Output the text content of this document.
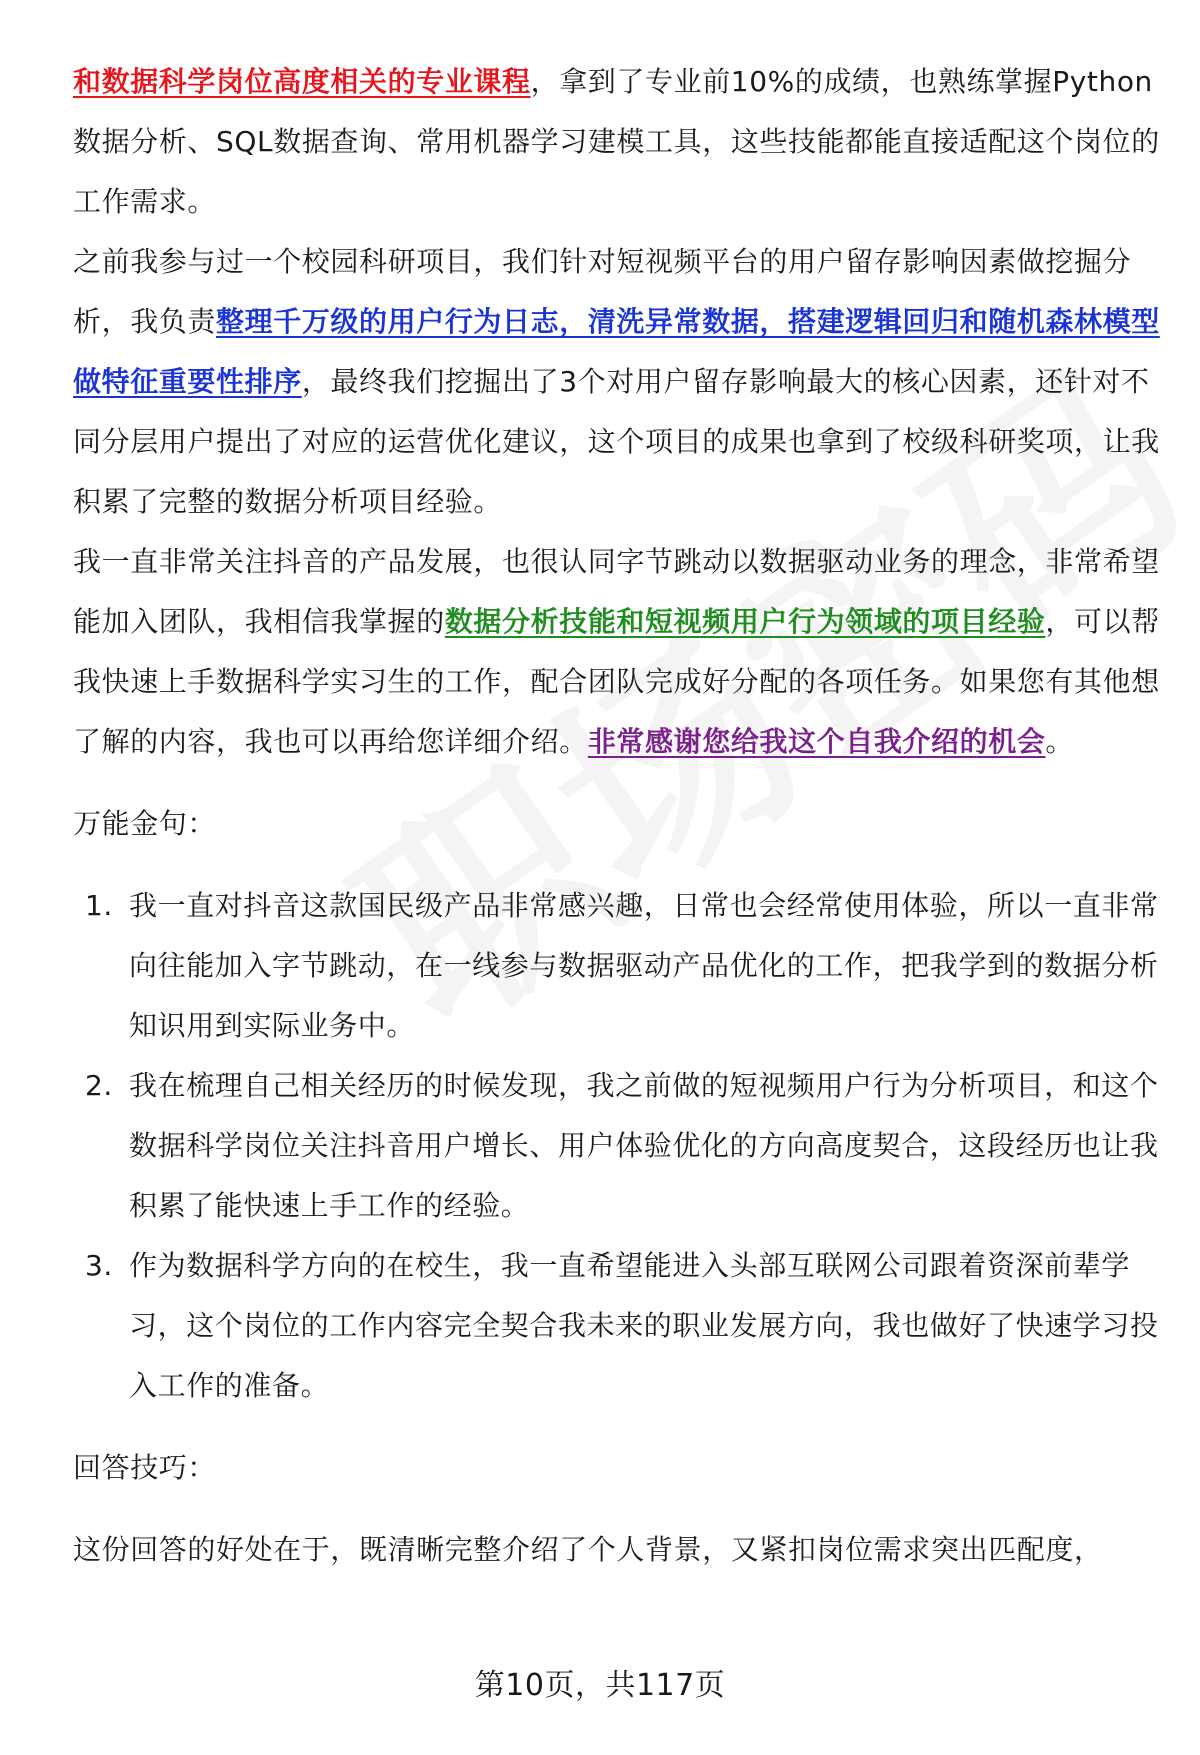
和数据科学岗位高度相关的专业课程，拿到了专业前10%的成绩，也熟练掌握Python数据分析、SQL数据查询、常用机器学习建模工具，这些技能都能直接适配这个岗位的工作需求。

之前我参与过一个校园科研项目，我们针对短视频平台的用户留存影响因素做挖掘分析，我负责整理千万级的用户行为日志，清洗异常数据，搭建逻辑回归和随机森林模型做特征重要性排序，最终我们挖掘出了3个对用户留存影响最大的核心因素，还针对不同分层用户提出了对应的运营优化建议，这个项目的成果也拿到了校级科研奖项，让我积累了完整的数据分析项目经验。

我一直非常关注抖音的产品发展，也很认同字节跳动以数据驱动业务的理念，非常希望能加入团队，我相信我掌握的数据分析技能和短视频用户行为领域的项目经验，可以帮我快速上手数据科学实习生的工作，配合团队完成好分配的各项任务。如果您有其他想了解的内容，我也可以再给您详细介绍。非常感谢您给我这个自我介绍的机会。

万能金句：

1. 我一直对抖音这款国民级产品非常感兴趣，日常也会经常使用体验，所以一直非常向往能加入字节跳动，在一线参与数据驱动产品优化的工作，把我学到的数据分析知识用到实际业务中。
2. 我在梳理自己相关经历的时候发现，我之前做的短视频用户行为分析项目，和这个数据科学岗位关注抖音用户增长、用户体验优化的方向高度契合，这段经历也让我积累了能快速上手工作的经验。
3. 作为数据科学方向的在校生，我一直希望能进入头部互联网公司跟着资深前辈学习，这个岗位的工作内容完全契合我未来的职业发展方向，我也做好了快速学习投入工作的准备。

回答技巧：

这份回答的好处在于，既清晰完整介绍了个人背景，又紧扣岗位需求突出匹配度，

第10页，共117页
